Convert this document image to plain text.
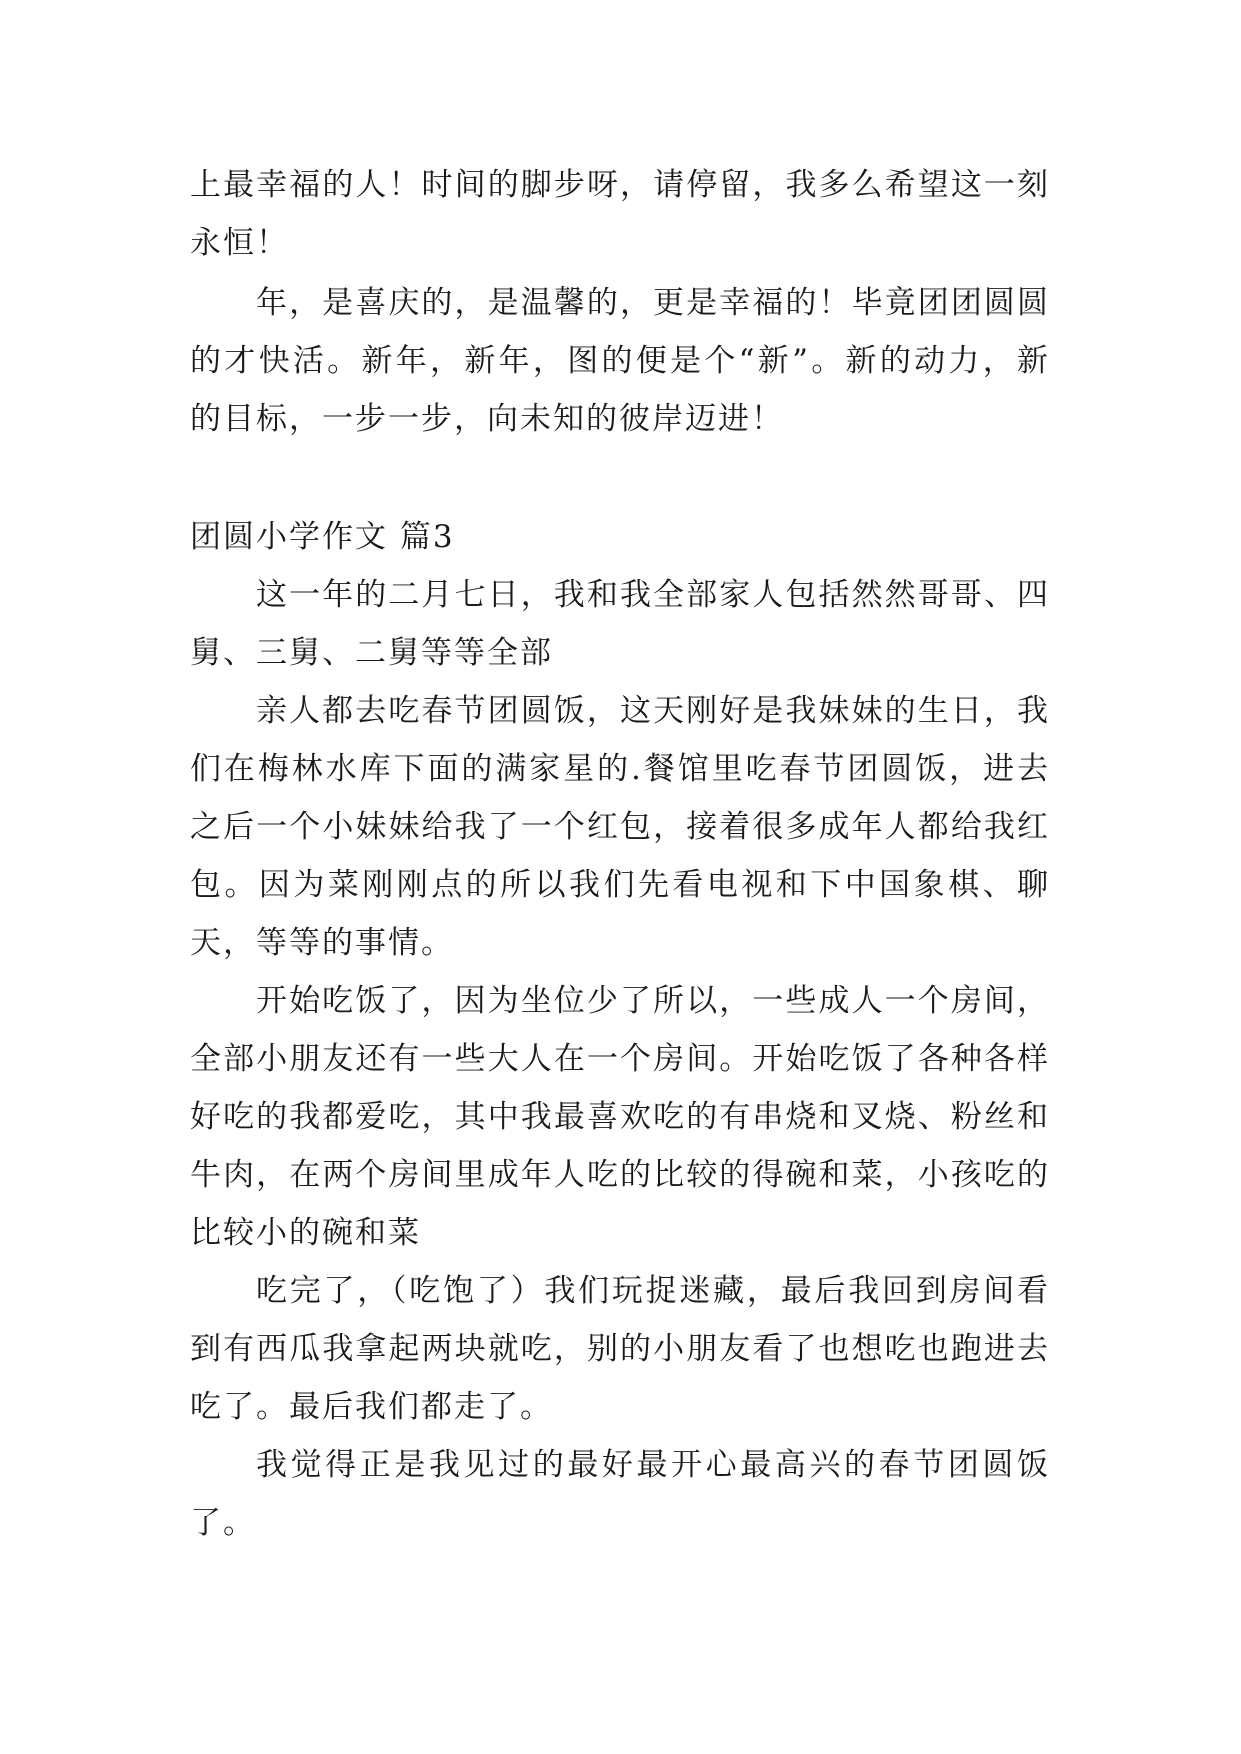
上最幸福的人！时间的脚步呀，请停留，我多么希望这一刻永恒！

年，是喜庆的，是温馨的，更是幸福的！毕竟团团圆圆的才快活。新年，新年，图的便是个“新”。新的动力，新的目标，一步一步，向未知的彼岸迈进！

团圆小学作文 篇3

这一年的二月七日，我和我全部家人包括然然哥哥、四舅、三舅、二舅等等全部

亲人都去吃春节团圆饭，这天刚好是我妹妹的生日，我们在梅林水库下面的满家星的.餐馆里吃春节团圆饭，进去之后一个小妹妹给我了一个红包，接着很多成年人都给我红包。因为菜刚刚点的所以我们先看电视和下中国象棋、聊天，等等的事情。

开始吃饭了，因为坐位少了所以，一些成人一个房间，全部小朋友还有一些大人在一个房间。开始吃饭了各种各样好吃的我都爱吃，其中我最喜欢吃的有串烧和叉烧、粉丝和牛肉，在两个房间里成年人吃的比较的得碗和菜，小孩吃的比较小的碗和菜

吃完了，（吃饱了）我们玩捉迷藏，最后我回到房间看到有西瓜我拿起两块就吃，别的小朋友看了也想吃也跑进去吃了。最后我们都走了。

我觉得正是我见过的最好最开心最高兴的春节团圆饭了。
